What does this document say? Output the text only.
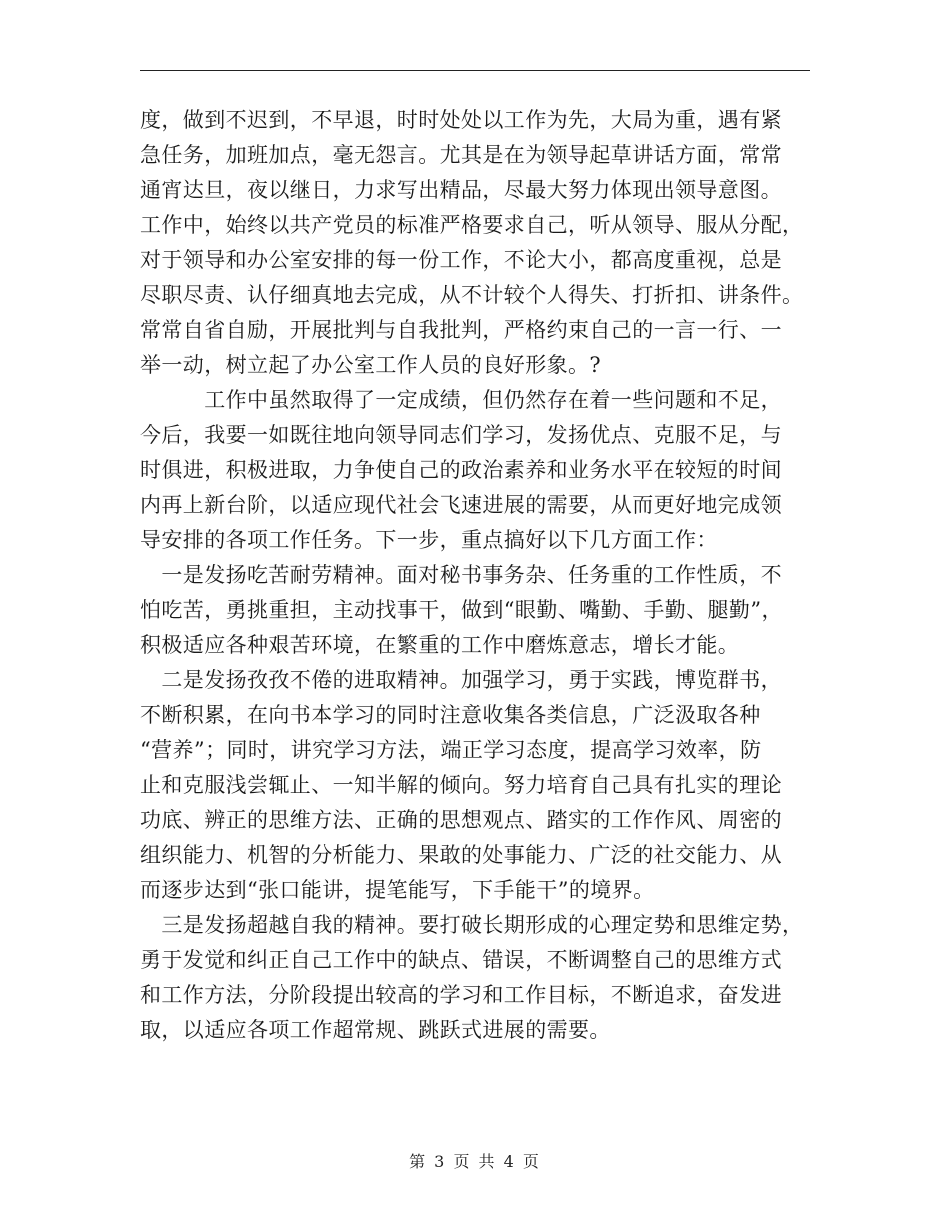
度，做到不迟到，不早退，时时处处以工作为先，大局为重，遇有紧
急任务，加班加点，毫无怨言。尤其是在为领导起草讲话方面，常常
通宵达旦，夜以继日，力求写出精品，尽最大努力体现出领导意图。
工作中，始终以共产党员的标准严格要求自己，听从领导、服从分配，
对于领导和办公室安排的每一份工作，不论大小，都高度重视，总是
尽职尽责、认仔细真地去完成，从不计较个人得失、打折扣、讲条件。
常常自省自励，开展批判与自我批判，严格约束自己的一言一行、一
举一动，树立起了办公室工作人员的良好形象。?
　　　工作中虽然取得了一定成绩，但仍然存在着一些问题和不足，
今后，我要一如既往地向领导同志们学习，发扬优点、克服不足，与
时俱进，积极进取，力争使自己的政治素养和业务水平在较短的时间
内再上新台阶，以适应现代社会飞速进展的需要，从而更好地完成领
导安排的各项工作任务。下一步，重点搞好以下几方面工作：
　一是发扬吃苦耐劳精神。面对秘书事务杂、任务重的工作性质，不
怕吃苦，勇挑重担，主动找事干，做到“眼勤、嘴勤、手勤、腿勤”，
积极适应各种艰苦环境，在繁重的工作中磨炼意志，增长才能。
　二是发扬孜孜不倦的进取精神。加强学习，勇于实践，博览群书，
不断积累，在向书本学习的同时注意收集各类信息，广泛汲取各种
“营养”；同时，讲究学习方法，端正学习态度，提高学习效率，防
止和克服浅尝辄止、一知半解的倾向。努力培育自己具有扎实的理论
功底、辨正的思维方法、正确的思想观点、踏实的工作作风、周密的
组织能力、机智的分析能力、果敢的处事能力、广泛的社交能力、从
而逐步达到“张口能讲，提笔能写，下手能干”的境界。
　三是发扬超越自我的精神。要打破长期形成的心理定势和思维定势，
勇于发觉和纠正自己工作中的缺点、错误，不断调整自己的思维方式
和工作方法，分阶段提出较高的学习和工作目标，不断追求，奋发进
取，以适应各项工作超常规、跳跃式进展的需要。
第 3 页 共 4 页
